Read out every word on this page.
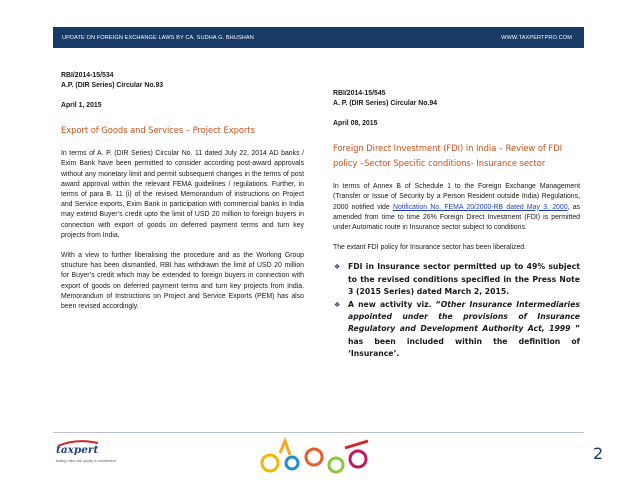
UPDATE ON FOREIGN EXCHANGE LAWS BY CA. SUDHA G. BHUSHAN	WWW.TAXPERTPRO.COM
RBI/2014-15/534
A.P. (DIR Series) Circular No.93
April 1, 2015
Export of Goods and Services – Project Exports
In terms of A. P. (DIR Series) Circular No. 11 dated July 22, 2014 AD banks / Exim Bank have been permitted to consider according post-award approvals without any monetary limit and permit subsequent changes in the terms of post award approval within the relevant FEMA guidelines / regulations. Further, in terms of para B. 11 (i) of the revised Memorandum of instructions on Project and Service exports, Exim Bank in participation with commercial banks in India may extend Buyer’s credit upto the limit of USD 20 million to foreign buyers in connection with export of goods on deferred payment terms and turn key projects from India.
With a view to further liberalising the procedure and as the Working Group structure has been dismantled, RBI has withdrawn the limit of USD 20 million for Buyer’s credit which may be extended to foreign buyers in connection with export of goods on deferred payment terms and turn key projects from India. Memorandum of Instructions on Project and Service Exports (PEM) has also been revised accordingly.
RBI/2014-15/545
A. P. (DIR Series) Circular No.94
April 08, 2015
Foreign Direct Investment (FDI) in India – Review of FDI policy –Sector Specific conditions- Insurance sector
In terms of Annex B of Schedule 1 to the Foreign Exchange Management (Transfer or Issue of Security by a Person Resident outside India) Regulations, 2000 notified vide Notification No. FEMA 20/2000-RB dated May 3, 2000, as amended from time to time 26% Foreign Direct Investment (FDI) is permitted under Automatic route in Insurance sector subject to conditions.
The extant FDI policy for Insurance sector has been liberalized.
❖	FDI in Insurance sector permitted up to 49% subject to the revised conditions specified in the Press Note 3 (2015 Series) dated March 2, 2015.
❖	A new activity viz. “Other Insurance Intermediaries appointed under the provisions of Insurance Regulatory and Development Authority Act, 1999 ” has been included within the definition of ‘Insurance’.
taxpert
adding value with quality & commitment	2
